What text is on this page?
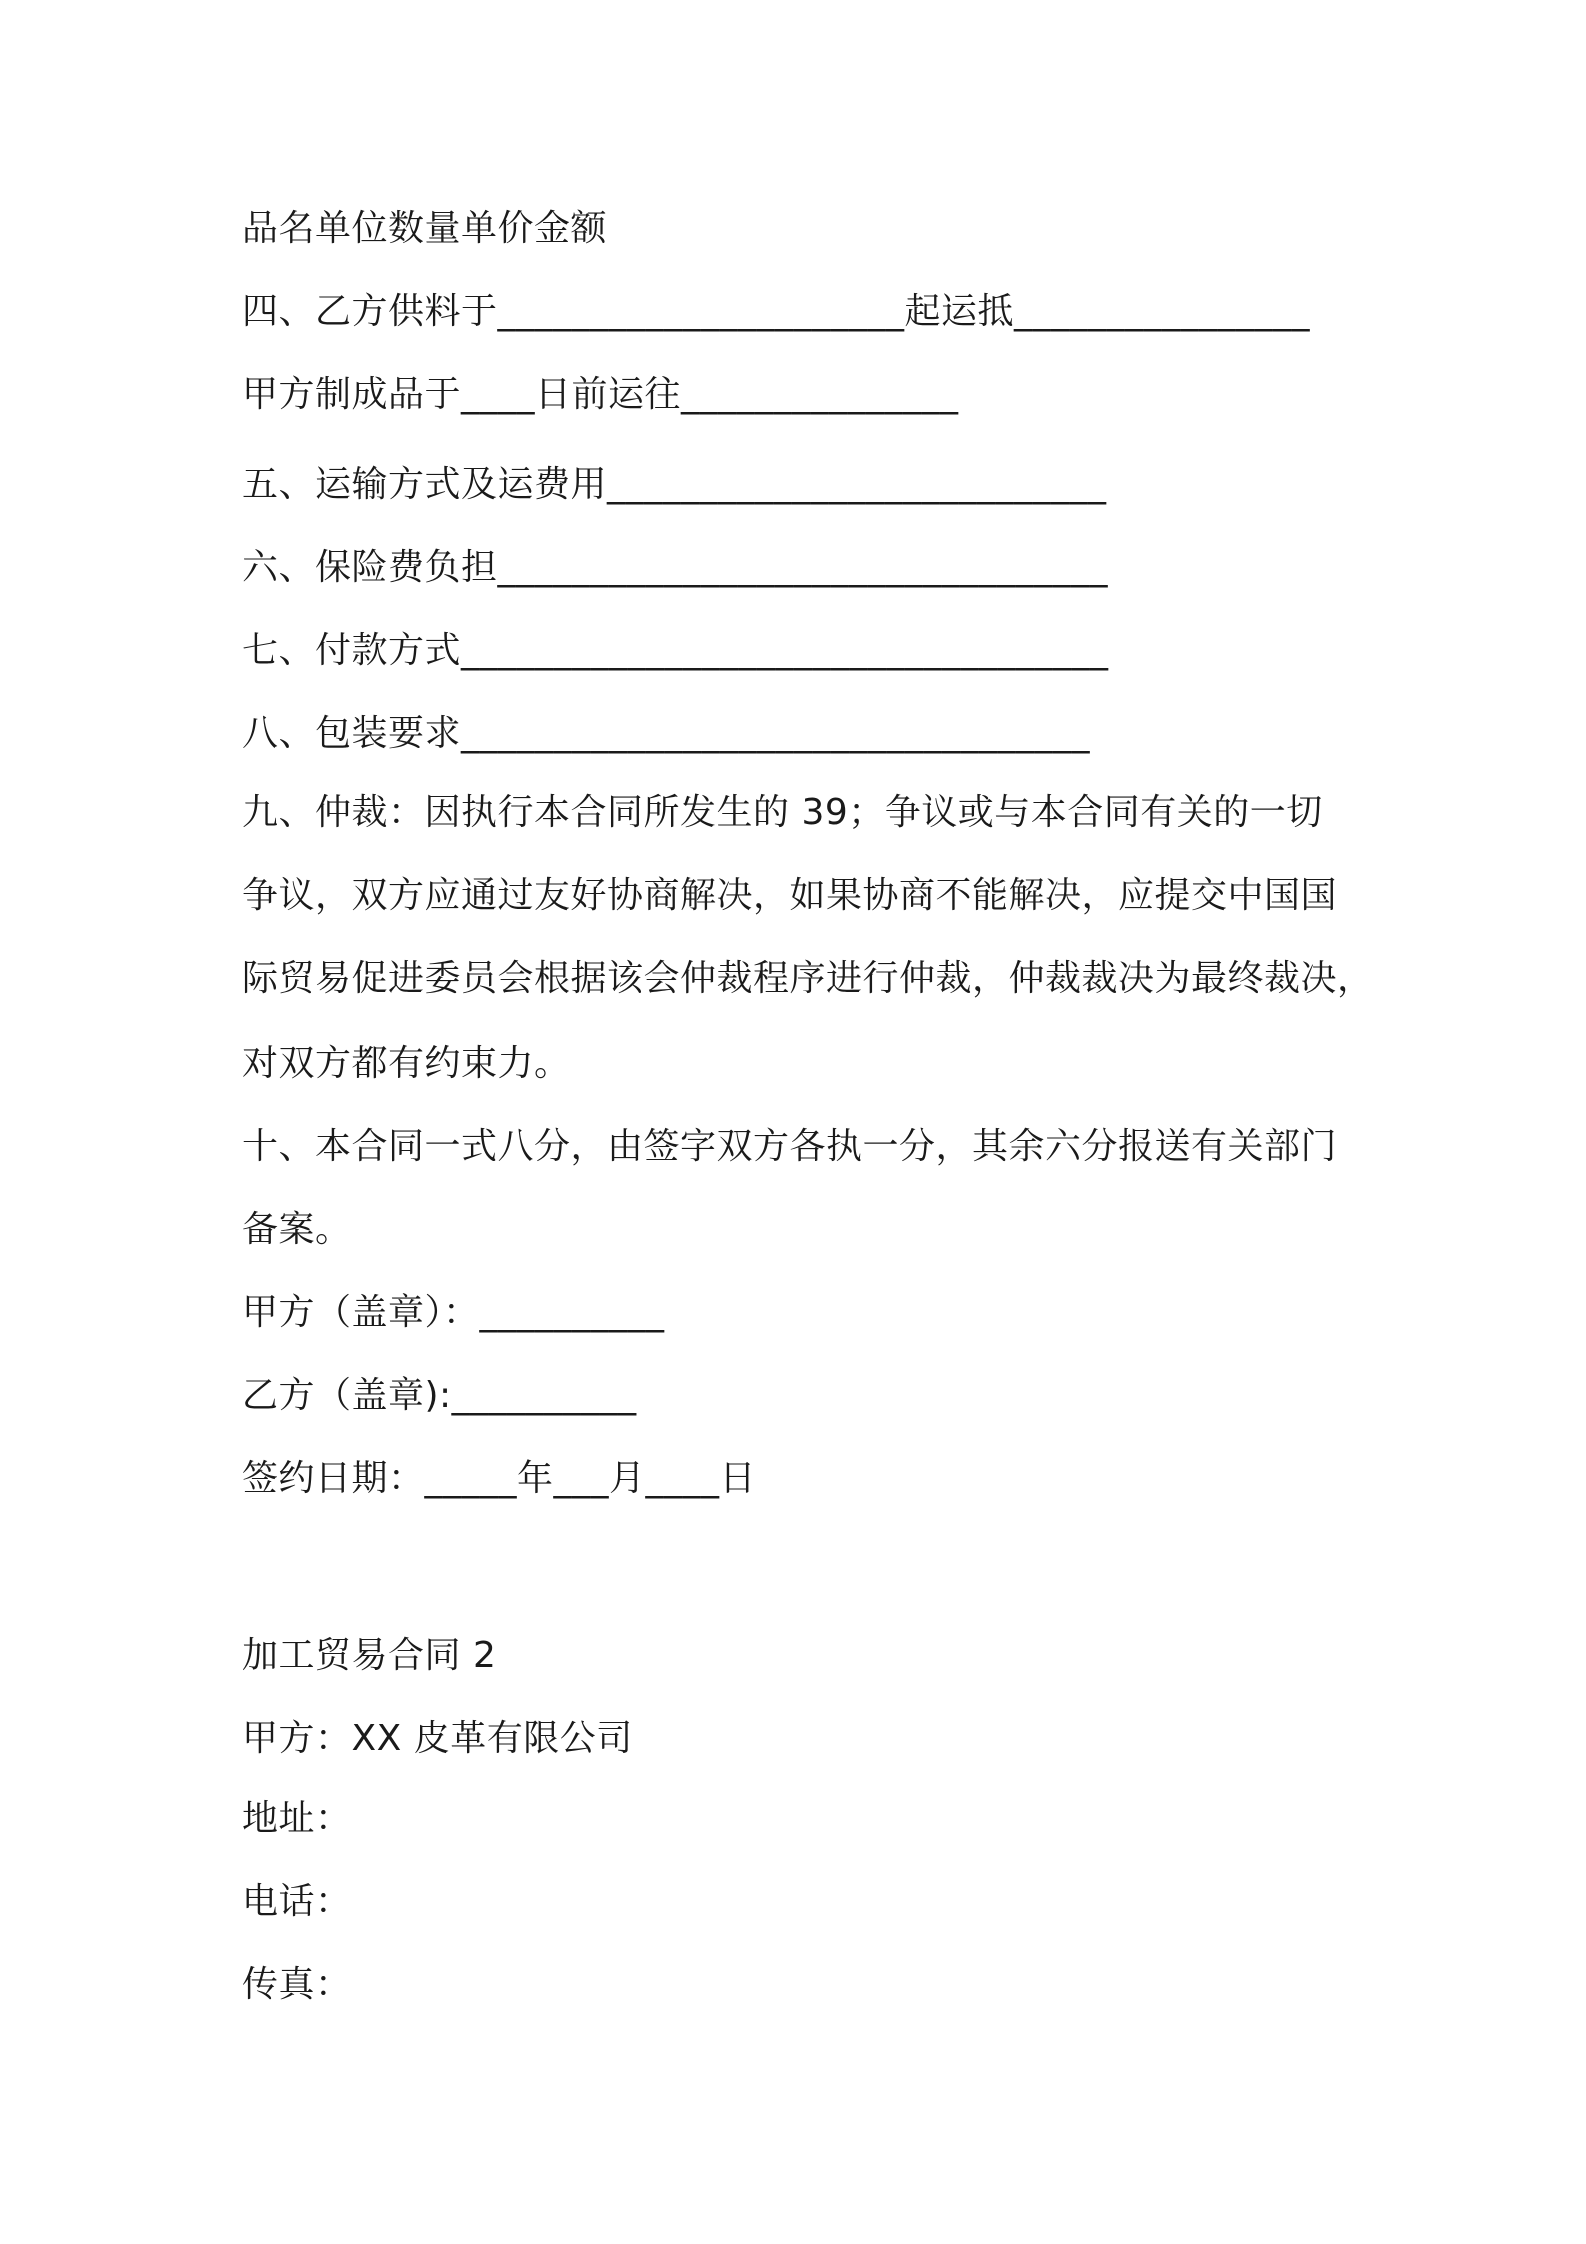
品名单位数量单价金额
四、乙方供料于______________________起运抵________________
甲方制成品于____日前运往_______________
五、运输方式及运费用___________________________
六、保险费负担_________________________________
七、付款方式___________________________________
八、包装要求__________________________________
九、仲裁：因执行本合同所发生的 39；争议或与本合同有关的一切
争议，双方应通过友好协商解决，如果协商不能解决，应提交中国国
际贸易促进委员会根据该会仲裁程序进行仲裁，仲裁裁决为最终裁决，
对双方都有约束力。
十、本合同一式八分，由签字双方各执一分，其余六分报送有关部门
备案。
甲方（盖章）：__________
乙方（盖章):__________
签约日期：_____年___月____日
加工贸易合同 2
甲方：XX 皮革有限公司
地址：
电话：
传真：
